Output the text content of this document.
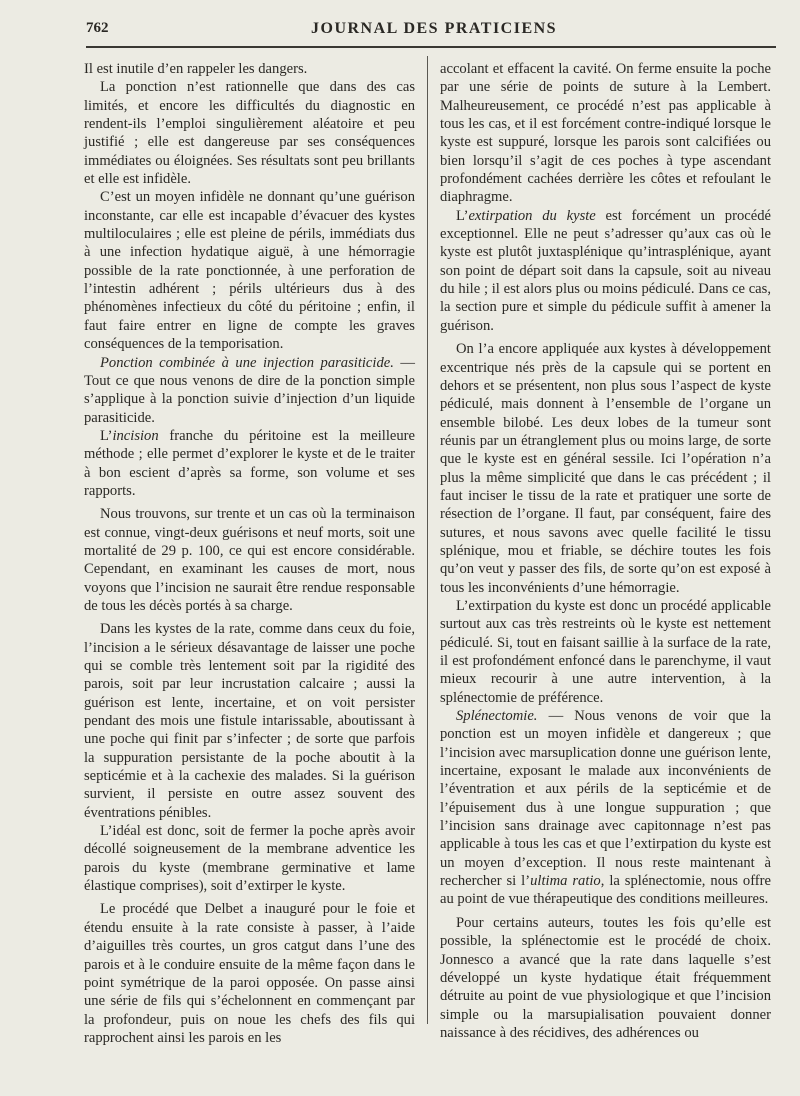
762	JOURNAL DES PRATICIENS

Il est inutile d’en rappeler les dangers.

La ponction n’est rationnelle que dans des cas limités, et encore les difficultés du diagnostic en rendent-ils l’emploi singulièrement aléatoire et peu justifié ; elle est dangereuse par ses conséquences immédiates ou éloignées. Ses résultats sont peu brillants et elle est infidèle.

C’est un moyen infidèle ne donnant qu’une guérison inconstante, car elle est incapable d’évacuer des kystes multiloculaires ; elle est pleine de périls, immédiats dus à une infection hydatique aiguë, à une hémorragie possible de la rate ponctionnée, à une perforation de l’intestin adhérent ; périls ultérieurs dus à des phénomènes infectieux du côté du péritoine ; enfin, il faut faire entrer en ligne de compte les graves conséquences de la temporisation.

Ponction combinée à une injection parasiticide. — Tout ce que nous venons de dire de la ponction simple s’applique à la ponction suivie d’injection d’un liquide parasiticide.

L’incision franche du péritoine est la meilleure méthode ; elle permet d’explorer le kyste et de le traiter à bon escient d’après sa forme, son volume et ses rapports.

Nous trouvons, sur trente et un cas où la terminaison est connue, vingt-deux guérisons et neuf morts, soit une mortalité de 29 p. 100, ce qui est encore considérable. Cependant, en examinant les causes de mort, nous voyons que l’incision ne saurait être rendue responsable de tous les décès portés à sa charge.

Dans les kystes de la rate, comme dans ceux du foie, l’incision a le sérieux désavantage de laisser une poche qui se comble très lentement soit par la rigidité des parois, soit par leur incrustation calcaire ; aussi la guérison est lente, incertaine, et on voit persister pendant des mois une fistule intarissable, aboutissant à une poche qui finit par s’infecter ; de sorte que parfois la suppuration persistante de la poche aboutit à la septicémie et à la cachexie des malades. Si la guérison survient, il persiste en outre assez souvent des éventrations pénibles.

L’idéal est donc, soit de fermer la poche après avoir décollé soigneusement de la membrane adventice les parois du kyste (membrane germinative et lame élastique comprises), soit d’extirper le kyste.

Le procédé que Delbet a inauguré pour le foie et étendu ensuite à la rate consiste à passer, à l’aide d’aiguilles très courtes, un gros catgut dans l’une des parois et à le conduire ensuite de la même façon dans le point symétrique de la paroi opposée. On passe ainsi une série de fils qui s’échelonnent en commençant par la profondeur, puis on noue les chefs des fils qui rapprochent ainsi les parois en les

accolant et effacent la cavité. On ferme ensuite la poche par une série de points de suture à la Lembert. Malheureusement, ce procédé n’est pas applicable à tous les cas, et il est forcément contre-indiqué lorsque le kyste est suppuré, lorsque les parois sont calcifiées ou bien lorsqu’il s’agit de ces poches à type ascendant profondément cachées derrière les côtes et refoulant le diaphragme.

L’extirpation du kyste est forcément un procédé exceptionnel. Elle ne peut s’adresser qu’aux cas où le kyste est plutôt juxtasplénique qu’intrasplénique, ayant son point de départ soit dans la capsule, soit au niveau du hile ; il est alors plus ou moins pédiculé. Dans ce cas, la section pure et simple du pédicule suffit à amener la guérison.

On l’a encore appliquée aux kystes à développement excentrique nés près de la capsule qui se portent en dehors et se présentent, non plus sous l’aspect de kyste pédiculé, mais donnent à l’ensemble de l’organe un ensemble bilobé. Les deux lobes de la tumeur sont réunis par un étranglement plus ou moins large, de sorte que le kyste est en général sessile. Ici l’opération n’a plus la même simplicité que dans le cas précédent ; il faut inciser le tissu de la rate et pratiquer une sorte de résection de l’organe. Il faut, par conséquent, faire des sutures, et nous savons avec quelle facilité le tissu splénique, mou et friable, se déchire toutes les fois qu’on veut y passer des fils, de sorte qu’on est exposé à tous les inconvénients d’une hémorragie.

L’extirpation du kyste est donc un procédé applicable surtout aux cas très restreints où le kyste est nettement pédiculé. Si, tout en faisant saillie à la surface de la rate, il est profondément enfoncé dans le parenchyme, il vaut mieux recourir à une autre intervention, à la splénectomie de préférence.

Splénectomie. — Nous venons de voir que la ponction est un moyen infidèle et dangereux ; que l’incision avec marsuplication donne une guérison lente, incertaine, exposant le malade aux inconvénients de l’éventration et aux périls de la septicémie et de l’épuisement dus à une longue suppuration ; que l’incision sans drainage avec capitonnage n’est pas applicable à tous les cas et que l’extirpation du kyste est un moyen d’exception. Il nous reste maintenant à rechercher si l’ultima ratio, la splénectomie, nous offre au point de vue thérapeutique des conditions meilleures.

Pour certains auteurs, toutes les fois qu’elle est possible, la splénectomie est le procédé de choix. Jonnesco a avancé que la rate dans laquelle s’est développé un kyste hydatique était fréquemment détruite au point de vue physiologique et que l’incision simple ou la marsupialisation pouvaient donner naissance à des récidives, des adhérences ou
